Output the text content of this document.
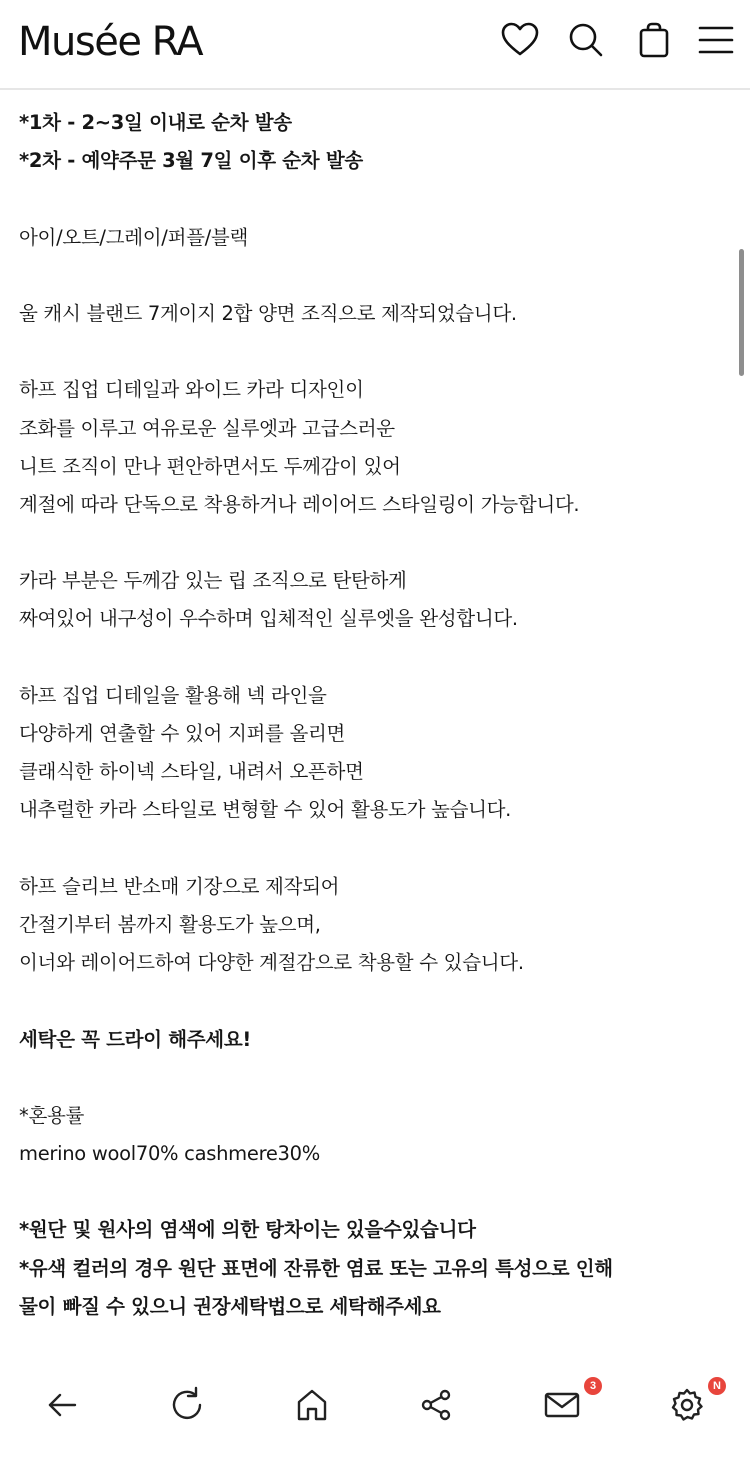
Musée RA
*1차 - 2~3일 이내로 순차 발송
*2차 - 예약주문 3월 7일 이후 순차 발송
아이/오트/그레이/퍼플/블랙
울 캐시 블랜드 7게이지 2합 양면 조직으로 제작되었습니다.
하프 집업 디테일과 와이드 카라 디자인이
조화를 이루고 여유로운 실루엣과 고급스러운
니트 조직이 만나 편안하면서도 두께감이 있어
계절에 따라 단독으로 착용하거나 레이어드 스타일링이 가능합니다.
카라 부분은 두께감 있는 립 조직으로 탄탄하게
짜여있어 내구성이 우수하며 입체적인 실루엣을 완성합니다.
하프 집업 디테일을 활용해 넥 라인을
다양하게 연출할 수 있어 지퍼를 올리면
클래식한 하이넥 스타일, 내려서 오픈하면
내추럴한 카라 스타일로 변형할 수 있어 활용도가 높습니다.
하프 슬리브 반소매 기장으로 제작되어
간절기부터 봄까지 활용도가 높으며,
이너와 레이어드하여 다양한 계절감으로 착용할 수 있습니다.
세탁은 꼭 드라이 해주세요!
*혼용률
merino wool70% cashmere30%
*원단 및 원사의 염색에 의한 탕차이는 있을수있습니다
*유색 컬러의 경우 원단 표면에 잔류한 염료 또는 고유의 특성으로 인해
물이 빠질 수 있으니 권장세탁법으로 세탁해주세요
3	N
